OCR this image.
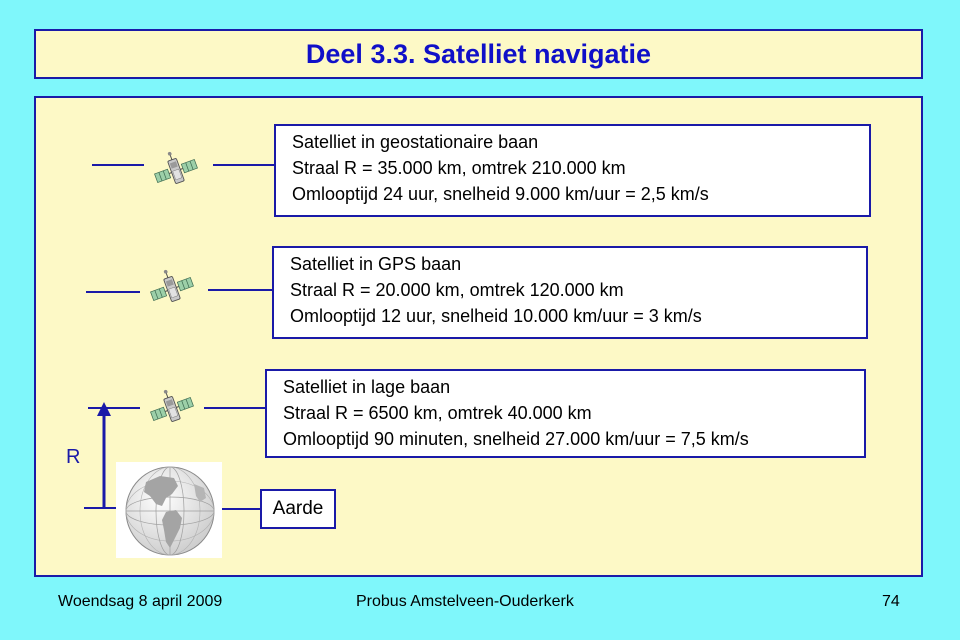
Deel 3.3. Satelliet navigatie
Satelliet in geostationaire baan
Straal R = 35.000 km, omtrek 210.000 km
Omlooptijd 24 uur, snelheid 9.000 km/uur = 2,5 km/s
Satelliet in GPS baan
Straal R = 20.000 km, omtrek 120.000 km
Omlooptijd 12 uur, snelheid 10.000 km/uur = 3 km/s
Satelliet in lage baan
Straal R = 6500 km, omtrek 40.000 km
Omlooptijd 90 minuten, snelheid 27.000 km/uur = 7,5 km/s
R
Aarde
Woendsag 8 april 2009	Probus Amstelveen-Ouderkerk	74
